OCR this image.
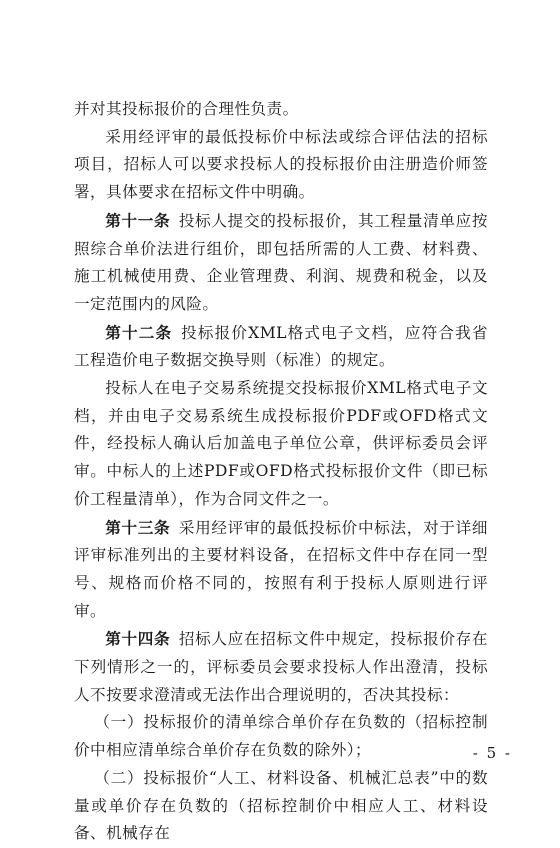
并对其投标报价的合理性负责。

采用经评审的最低投标价中标法或综合评估法的招标项目，招标人可以要求投标人的投标报价由注册造价师签署，具体要求在招标文件中明确。

第十一条  投标人提交的投标报价，其工程量清单应按照综合单价法进行组价，即包括所需的人工费、材料费、施工机械使用费、企业管理费、利润、规费和税金，以及一定范围内的风险。

第十二条  投标报价XML格式电子文档，应符合我省工程造价电子数据交换导则（标准）的规定。

投标人在电子交易系统提交投标报价XML格式电子文档，并由电子交易系统生成投标报价PDF或OFD格式文件，经投标人确认后加盖电子单位公章，供评标委员会评审。中标人的上述PDF或OFD格式投标报价文件（即已标价工程量清单），作为合同文件之一。

第十三条  采用经评审的最低投标价中标法，对于详细评审标准列出的主要材料设备，在招标文件中存在同一型号、规格而价格不同的，按照有利于投标人原则进行评审。

第十四条  招标人应在招标文件中规定，投标报价存在下列情形之一的，评标委员会要求投标人作出澄清，投标人不按要求澄清或无法作出合理说明的，否决其投标：

（一）投标报价的清单综合单价存在负数的（招标控制价中相应清单综合单价存在负数的除外）；

（二）投标报价“人工、材料设备、机械汇总表”中的数量或单价存在负数的（招标控制价中相应人工、材料设备、机械存在

- 5 -
